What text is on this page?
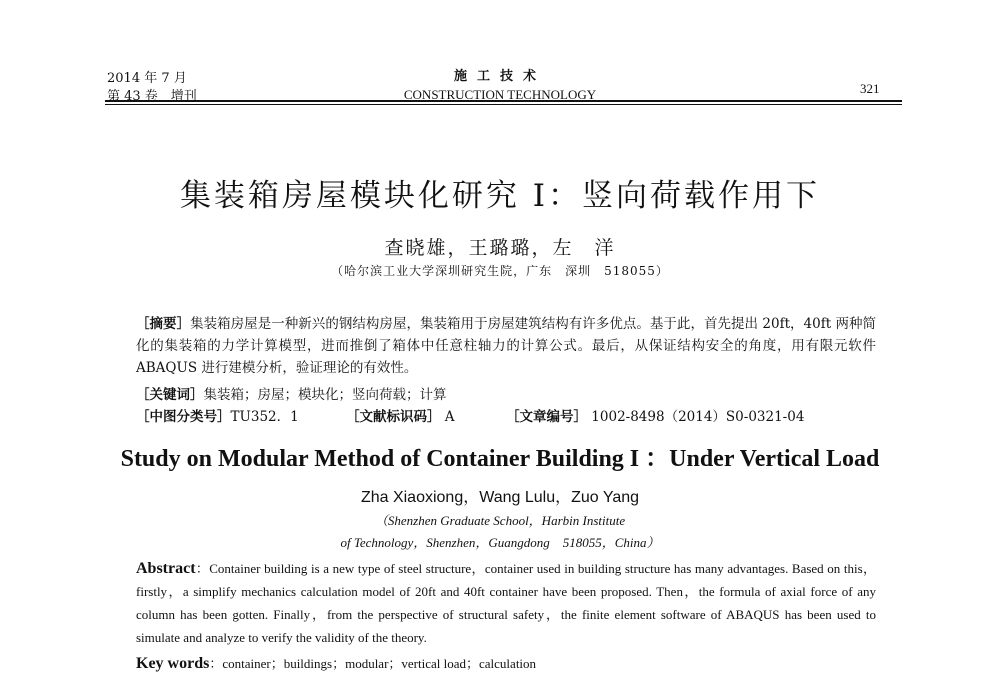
2014 年 7 月
第 43 卷　增刊
施工技术
CONSTRUCTION TECHNOLOGY	321
集装箱房屋模块化研究 I：竖向荷载作用下
查晓雄，王璐璐，左　洋
（哈尔滨工业大学深圳研究生院，广东　深圳　518055）
［摘要］集装箱房屋是一种新兴的钢结构房屋，集装箱用于房屋建筑结构有许多优点。基于此，首先提出 20ft，40ft 两种简化的集装箱的力学计算模型，进而推倒了箱体中任意柱轴力的计算公式。最后，从保证结构安全的角度，用有限元软件 ABAQUS 进行建模分析，验证理论的有效性。
［关键词］集装箱；房屋；模块化；竖向荷载；计算
［中图分类号］TU352．1	［文献标识码］ A	［文章编号］ 1002-8498（2014）S0-0321-04
Study on Modular Method of Container Building I ：Under Vertical Load
Zha Xiaoxiong，Wang Lulu，Zuo Yang
（Shenzhen Graduate School，Harbin Institute
of Technology，Shenzhen，Guangdong　518055，China）
Abstract：Container building is a new type of steel structure，container used in building structure has many advantages. Based on this，firstly，a simplify mechanics calculation model of 20ft and 40ft container have been proposed. Then，the formula of axial force of any column has been gotten. Finally，from the perspective of structural safety，the finite element software of ABAQUS has been used to simulate and analyze to verify the validity of the theory.
Key words：container；buildings；modular；vertical load；calculation
